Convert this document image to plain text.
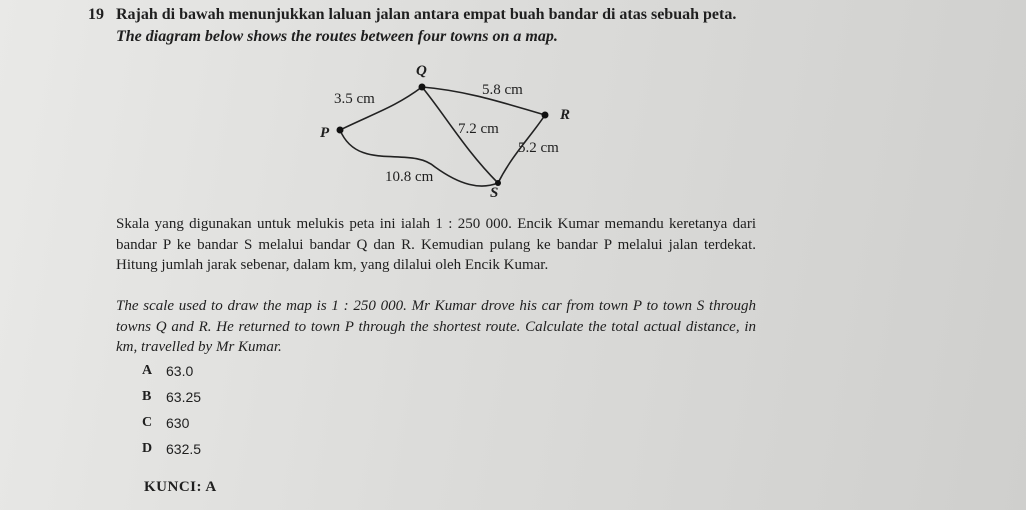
19 Rajah di bawah menunjukkan laluan jalan antara empat buah bandar di atas sebuah peta.
The diagram below shows the routes between four towns on a map.
P
Q
R
S
3.5 cm
5.8 cm
7.2 cm
5.2 cm
10.8 cm
Skala yang digunakan untuk melukis peta ini ialah 1 : 250 000. Encik Kumar memandu keretanya dari bandar P ke bandar S melalui bandar Q dan R. Kemudian pulang ke bandar P melalui jalan terdekat. Hitung jumlah jarak sebenar, dalam km, yang dilalui oleh Encik Kumar.
The scale used to draw the map is 1 : 250 000. Mr Kumar drove his car from town P to town S through towns Q and R. He returned to town P through the shortest route. Calculate the total actual distance, in km, travelled by Mr Kumar.
A 63.0
B	63.25
C 630
D 632.5
KUNCI: A
